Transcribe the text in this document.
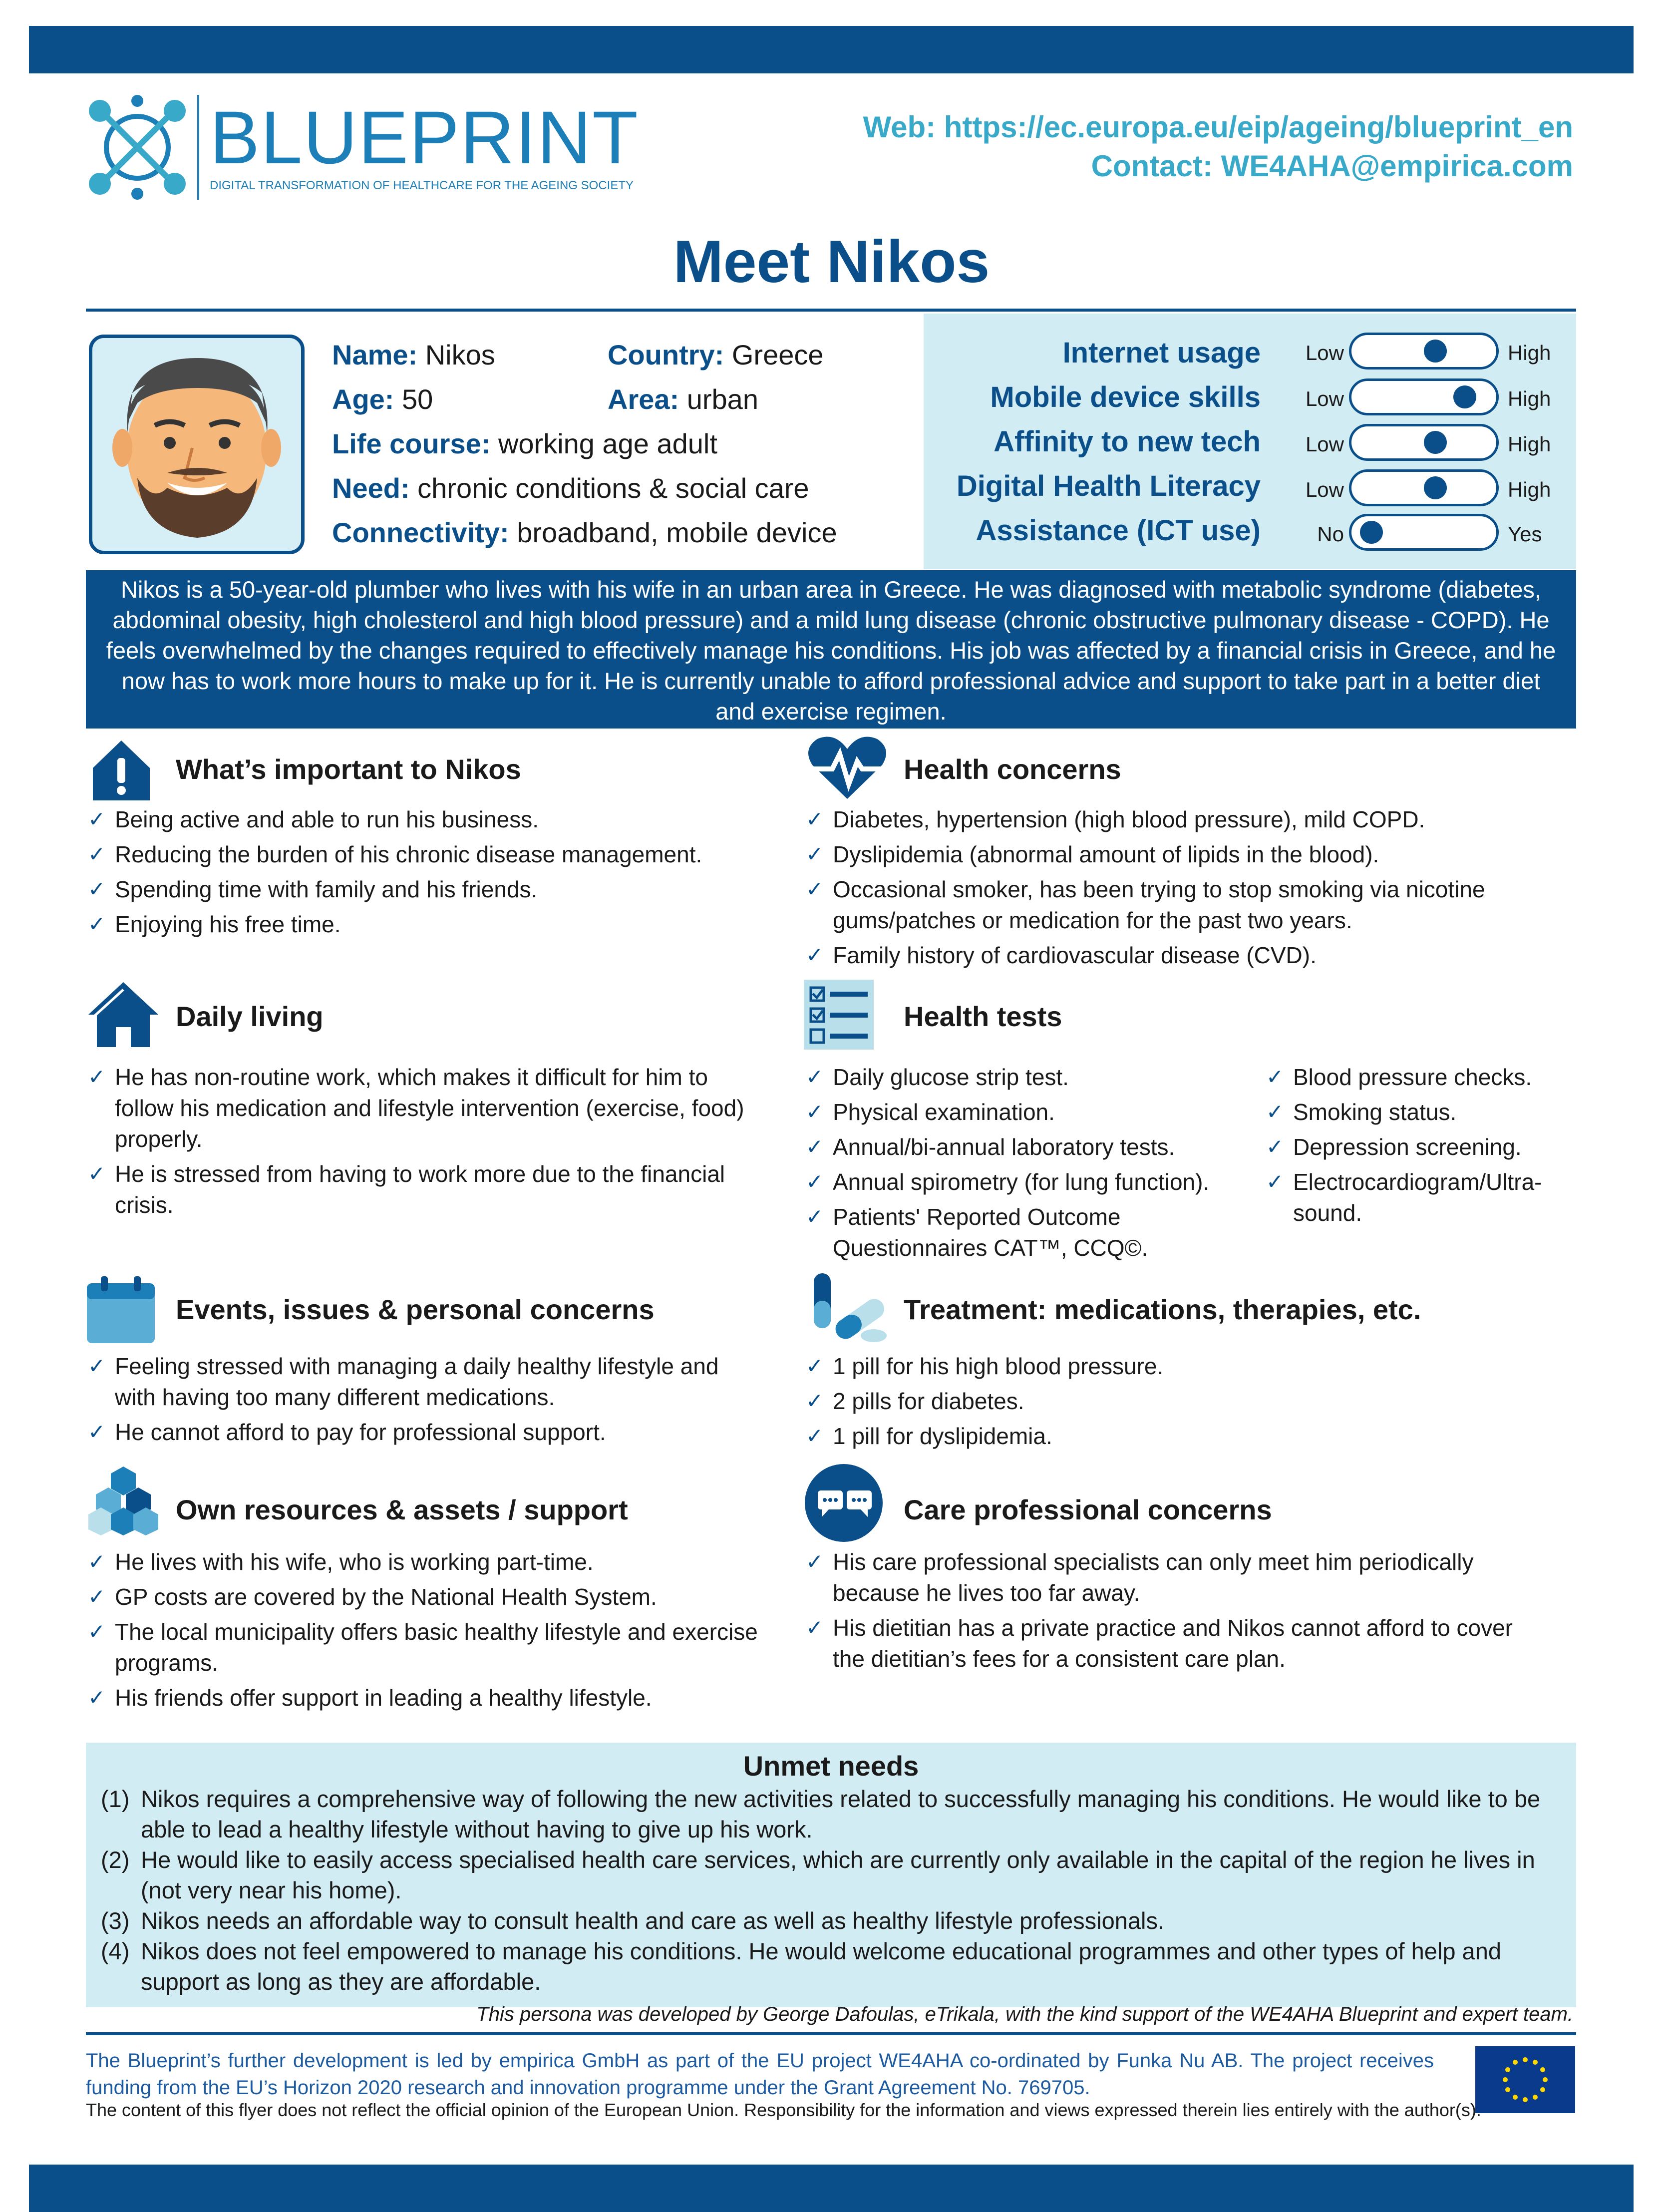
BLUEPRINT
DIGITAL TRANSFORMATION OF HEALTHCARE FOR THE AGEING SOCIETY
Web: https://ec.europa.eu/eip/ageing/blueprint_en
Contact: WE4AHA@empirica.com
Meet Nikos
Name: Nikos	Country: Greece
Age: 50	Area: urban
Life course: working age adult
Need: chronic conditions & social care
Connectivity: broadband, mobile device
Internet usage	Low	High
Mobile device skills	Low	High
Affinity to new tech	Low	High
Digital Health Literacy	Low	High
Assistance (ICT use)	No	Yes
Nikos is a 50-year-old plumber who lives with his wife in an urban area in Greece. He was diagnosed with metabolic syndrome (diabetes, abdominal obesity, high cholesterol and high blood pressure) and a mild lung disease (chronic obstructive pulmonary disease - COPD). He feels overwhelmed by the changes required to effectively manage his conditions. His job was affected by a financial crisis in Greece, and he now has to work more hours to make up for it. He is currently unable to afford professional advice and support to take part in a better diet and exercise regimen.
What’s important to Nikos
✓ Being active and able to run his business.
✓ Reducing the burden of his chronic disease management.
✓ Spending time with family and his friends.
✓ Enjoying his free time.
Health concerns
✓ Diabetes, hypertension (high blood pressure), mild COPD.
✓ Dyslipidemia (abnormal amount of lipids in the blood).
✓ Occasional smoker, has been trying to stop smoking via nicotine gums/patches or medication for the past two years.
✓ Family history of cardiovascular disease (CVD).
Daily living
✓ He has non-routine work, which makes it difficult for him to follow his medication and lifestyle intervention (exercise, food) properly.
✓ He is stressed from having to work more due to the financial crisis.
Health tests
✓ Daily glucose strip test.
✓ Physical examination.
✓ Annual/bi-annual laboratory tests.
✓ Annual spirometry (for lung function).
✓ Patients' Reported Outcome Questionnaires CAT™, CCQ©.
✓ Blood pressure checks.
✓ Smoking status.
✓ Depression screening.
✓ Electrocardiogram/Ultra-sound.
Events, issues & personal concerns
✓ Feeling stressed with managing a daily healthy lifestyle and with having too many different medications.
✓ He cannot afford to pay for professional support.
Treatment: medications, therapies, etc.
✓ 1 pill for his high blood pressure.
✓ 2 pills for diabetes.
✓ 1 pill for dyslipidemia.
Own resources & assets / support
✓ He lives with his wife, who is working part-time.
✓ GP costs are covered by the National Health System.
✓ The local municipality offers basic healthy lifestyle and exercise programs.
✓ His friends offer support in leading a healthy lifestyle.
Care professional concerns
✓ His care professional specialists can only meet him periodically because he lives too far away.
✓ His dietitian has a private practice and Nikos cannot afford to cover the dietitian’s fees for a consistent care plan.
Unmet needs
(1) Nikos requires a comprehensive way of following the new activities related to successfully managing his conditions. He would like to be able to lead a healthy lifestyle without having to give up his work.
(2) He would like to easily access specialised health care services, which are currently only available in the capital of the region he lives in (not very near his home).
(3) Nikos needs an affordable way to consult health and care as well as healthy lifestyle professionals.
(4) Nikos does not feel empowered to manage his conditions. He would welcome educational programmes and other types of help and support as long as they are affordable.
This persona was developed by George Dafoulas, eTrikala, with the kind support of the WE4AHA Blueprint and expert team.
The Blueprint’s further development is led by empirica GmbH as part of the EU project WE4AHA co-ordinated by Funka Nu AB. The project receives funding from the EU’s Horizon 2020 research and innovation programme under the Grant Agreement No. 769705.
The content of this flyer does not reflect the official opinion of the European Union. Responsibility for the information and views expressed therein lies entirely with the author(s).
